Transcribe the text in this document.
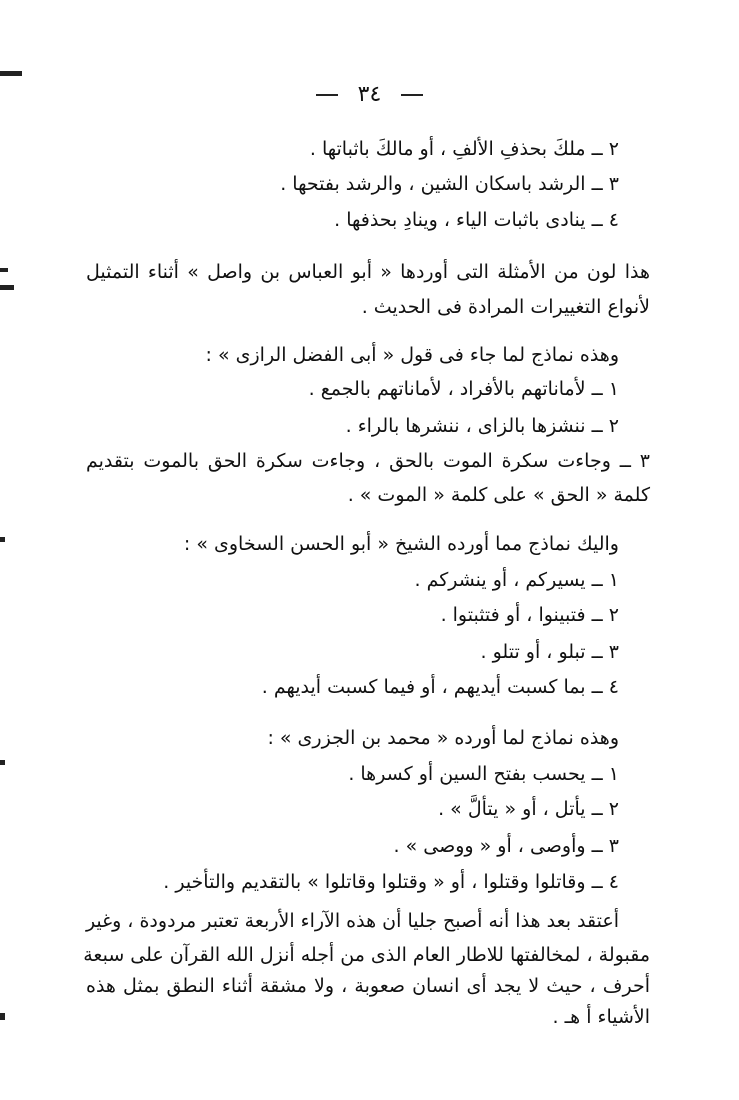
٣٤
٢ ــ ملكَ بحذفِ الألفِ ، أو مالكَ باثباتها .
٣ ــ الرشد باسكان الشين ، والرشد بفتحها .
٤ ــ ينادى باثبات الياء ، وينادِ بحذفها .
هذا لون من الأمثلة التى أوردها « أبو العباس بن واصل » أثناء التمثيل
لأنواع التغييرات المرادة فى الحديث .
وهذه نماذج لما جاء فى قول « أبى الفضل الرازى » :
١ ــ لأماناتهم بالأفراد ، لأماناتهم بالجمع .
٢ ــ ننشزها بالزاى ، ننشرها بالراء .
٣ ــ وجاءت سكرة الموت بالحق ، وجاءت سكرة الحق بالموت بتقديم
كلمة « الحق » على كلمة « الموت » .
واليك نماذج مما أورده الشيخ « أبو الحسن السخاوى » :
١ ــ يسيركم ، أو ينشركم .
٢ ــ فتبينوا ، أو فتثبتوا .
٣ ــ تبلو ، أو تتلو .
٤ ــ بما كسبت أيديهم ، أو فيما كسبت أيديهم .
وهذه نماذج لما أورده « محمد بن الجزرى » :
١ ــ يحسب بفتح السين أو كسرها .
٢ ــ يأتل ، أو « يتألَّ » .
٣ ــ وأوصى ، أو « ووصى » .
٤ ــ وقاتلوا وقتلوا ، أو « وقتلوا وقاتلوا » بالتقديم والتأخير .
أعتقد بعد هذا أنه أصبح جليا أن هذه الآراء الأربعة تعتبر مردودة ، وغير
مقبولة ، لمخالفتها للاطار العام الذى من أجله أنزل الله القرآن على سبعة
أحرف ، حيث لا يجد أى انسان صعوبة ، ولا مشقة أثناء النطق بمثل هذه
الأشياء أ هـ .
